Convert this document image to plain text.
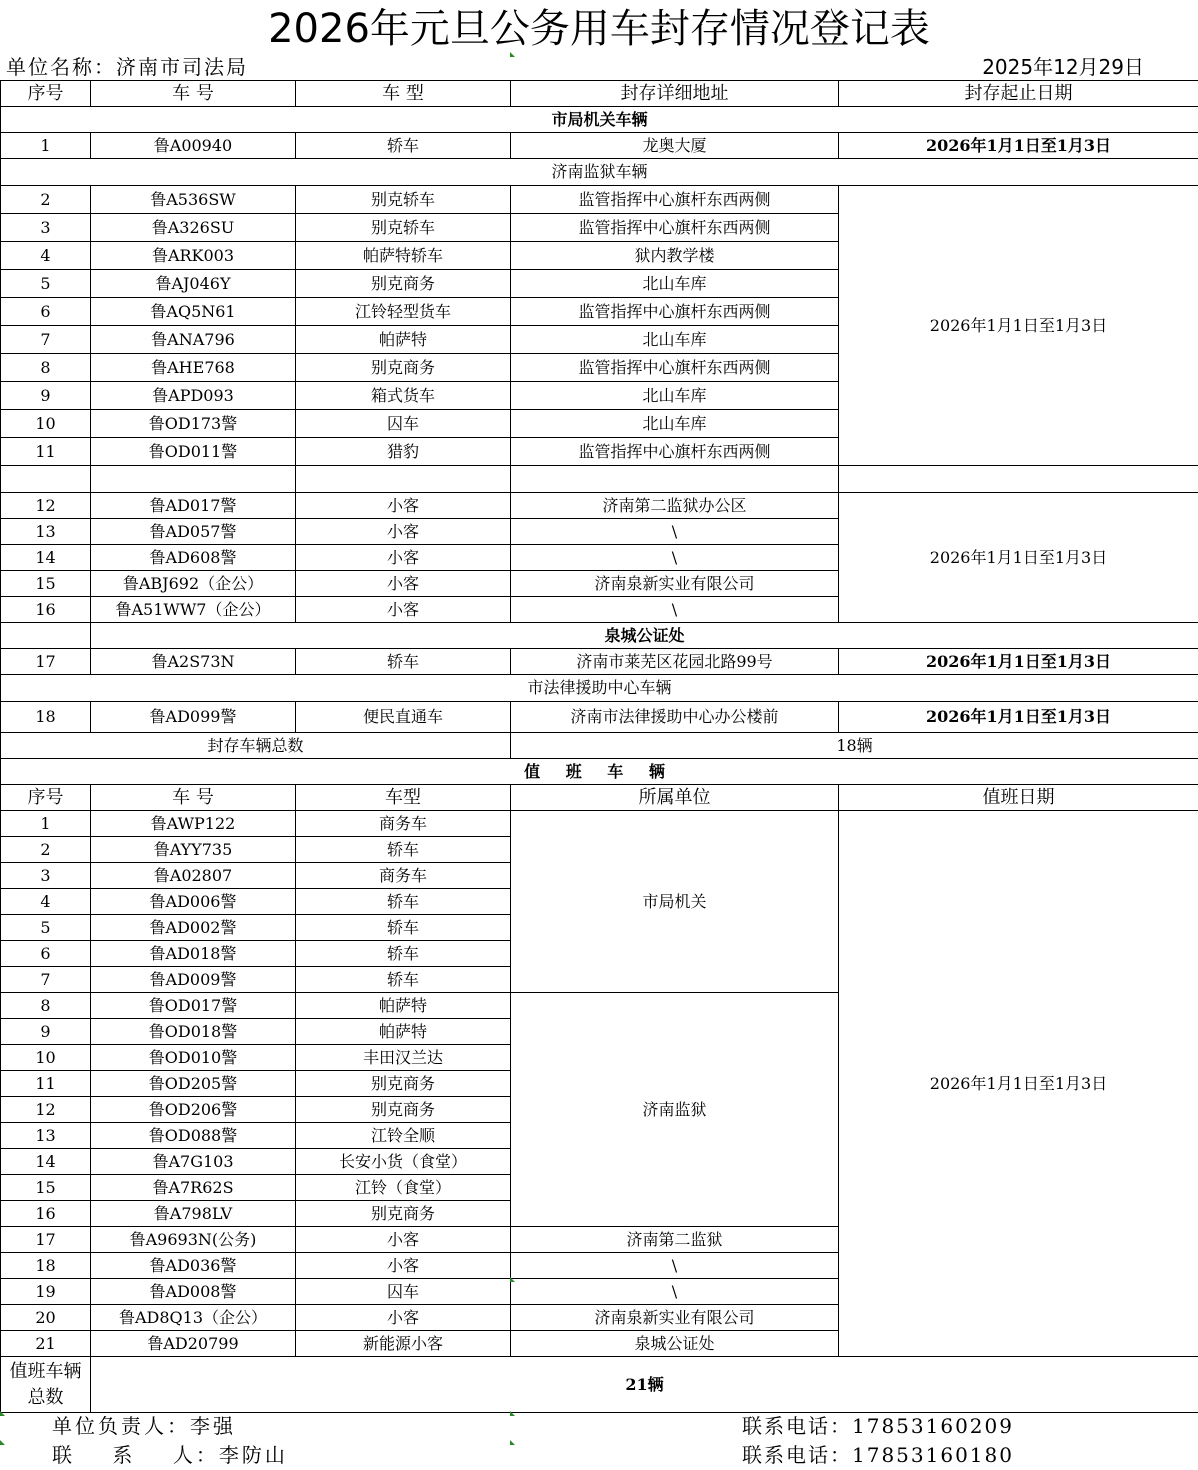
2026年元旦公务用车封存情况登记表
单位名称：济南市司法局	2025年12月29日
序号	车 号	车 型	封存详细地址	封存起止日期
市局机关车辆				
1	鲁A00940	轿车	龙奥大厦	2026年1月1日至1月3日
济南监狱车辆				
2	鲁A536SW	别克轿车	监管指挥中心旗杆东西两侧	2026年1月1日至1月3日
3	鲁A326SU	别克轿车	监管指挥中心旗杆东西两侧	
4	鲁ARK003	帕萨特轿车	狱内教学楼	
5	鲁AJ046Y	别克商务	北山车库	
6	鲁AQ5N61	江铃轻型货车	监管指挥中心旗杆东西两侧	
7	鲁ANA796	帕萨特	北山车库	
8	鲁AHE768	别克商务	监管指挥中心旗杆东西两侧	
9	鲁APD093	箱式货车	北山车库	
10	鲁OD173警	囚车	北山车库	
11	鲁OD011警	猎豹	监管指挥中心旗杆东西两侧	

12	鲁AD017警	小客	济南第二监狱办公区	2026年1月1日至1月3日
13	鲁AD057警	小客	\	
14	鲁AD608警	小客	\	
15	鲁ABJ692（企公）	小客	济南泉新实业有限公司	
16	鲁A51WW7（企公）	小客	\	
	泉城公证处			
17	鲁A2S73N	轿车	济南市莱芜区花园北路99号	2026年1月1日至1月3日
市法律援助中心车辆				
18	鲁AD099警	便民直通车	济南市法律援助中心办公楼前	2026年1月1日至1月3日
封存车辆总数			18辆	
值 班 车 辆				
序号	车 号	车型	所属单位	值班日期
1	鲁AWP122	商务车	市局机关	2026年1月1日至1月3日
2	鲁AYY735	轿车		
3	鲁A02807	商务车		
4	鲁AD006警	轿车		
5	鲁AD002警	轿车		
6	鲁AD018警	轿车		
7	鲁AD009警	轿车		
8	鲁OD017警	帕萨特	济南监狱	
9	鲁OD018警	帕萨特		
10	鲁OD010警	丰田汉兰达		
11	鲁OD205警	别克商务		
12	鲁OD206警	别克商务		
13	鲁OD088警	江铃全顺		
14	鲁A7G103	长安小货（食堂）		
15	鲁A7R62S	江铃（食堂）		
16	鲁A798LV	别克商务		
17	鲁A9693N(公务)	小客	济南第二监狱	
18	鲁AD036警	小客	\	
19	鲁AD008警	囚车	\	
20	鲁AD8Q13（企公）	小客	济南泉新实业有限公司	
21	鲁AD20799	新能源小客	泉城公证处	
值班车辆总数	21辆			
单位负责人：李强
联    系    人：李防山
联系电话：17853160209
联系电话：17853160180
